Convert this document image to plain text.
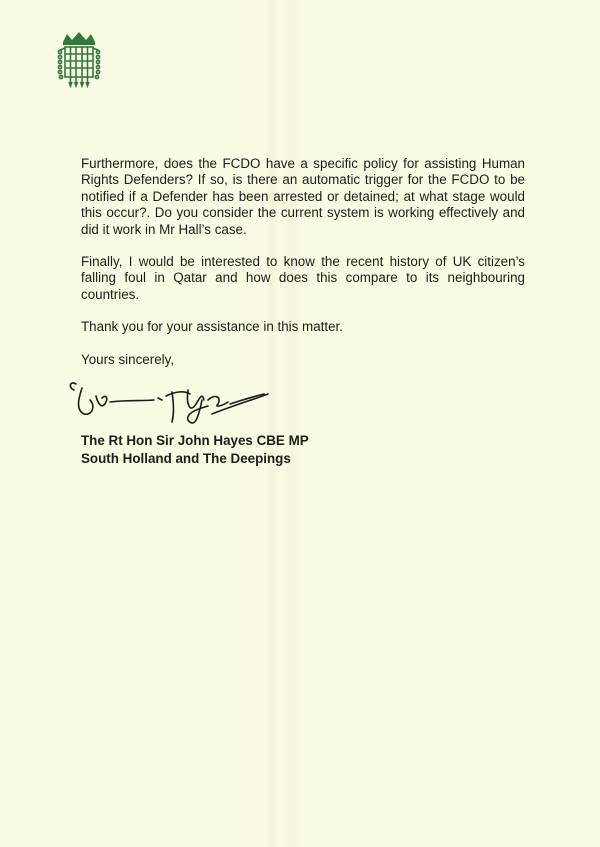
Furthermore, does the FCDO have a specific policy for assisting Human Rights Defenders? If so, is there an automatic trigger for the FCDO to be notified if a Defender has been arrested or detained; at what stage would this occur?. Do you consider the current system is working effectively and did it work in Mr Hall’s case.

Finally, I would be interested to know the recent history of UK citizen’s falling foul in Qatar and how does this compare to its neighbouring countries.

Thank you for your assistance in this matter.

Yours sincerely,

The Rt Hon Sir John Hayes CBE MP
South Holland and The Deepings
